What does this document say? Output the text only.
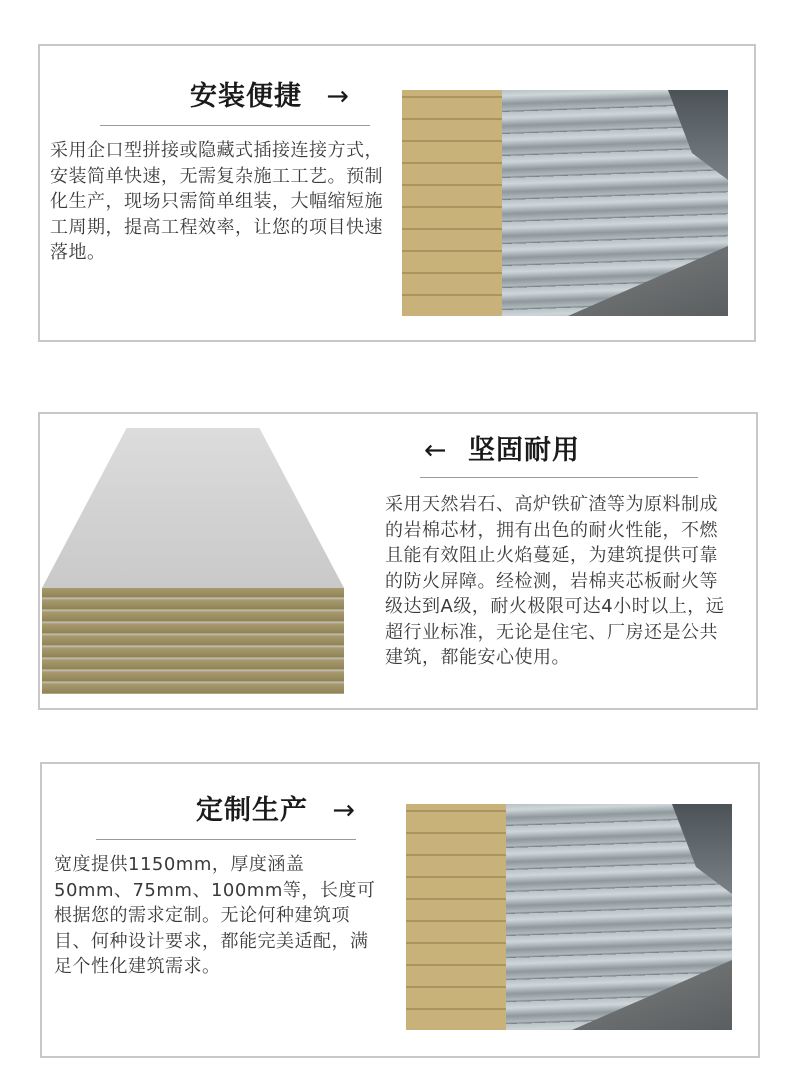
安装便捷 →
采用企口型拼接或隐藏式插接连接方式，安装简单快速，无需复杂施工工艺。预制化生产，现场只需简单组装，大幅缩短施工周期，提高工程效率，让您的项目快速落地。
← 坚固耐用
采用天然岩石、高炉铁矿渣等为原料制成的岩棉芯材，拥有出色的耐火性能，不燃且能有效阻止火焰蔓延，为建筑提供可靠的防火屏障。经检测，岩棉夹芯板耐火等级达到A级，耐火极限可达4小时以上，远超行业标准，无论是住宅、厂房还是公共建筑，都能安心使用。
定制生产 →
宽度提供1150mm，厚度涵盖50mm、75mm、100mm等，长度可根据您的需求定制。无论何种建筑项目、何种设计要求，都能完美适配，满足个性化建筑需求。
